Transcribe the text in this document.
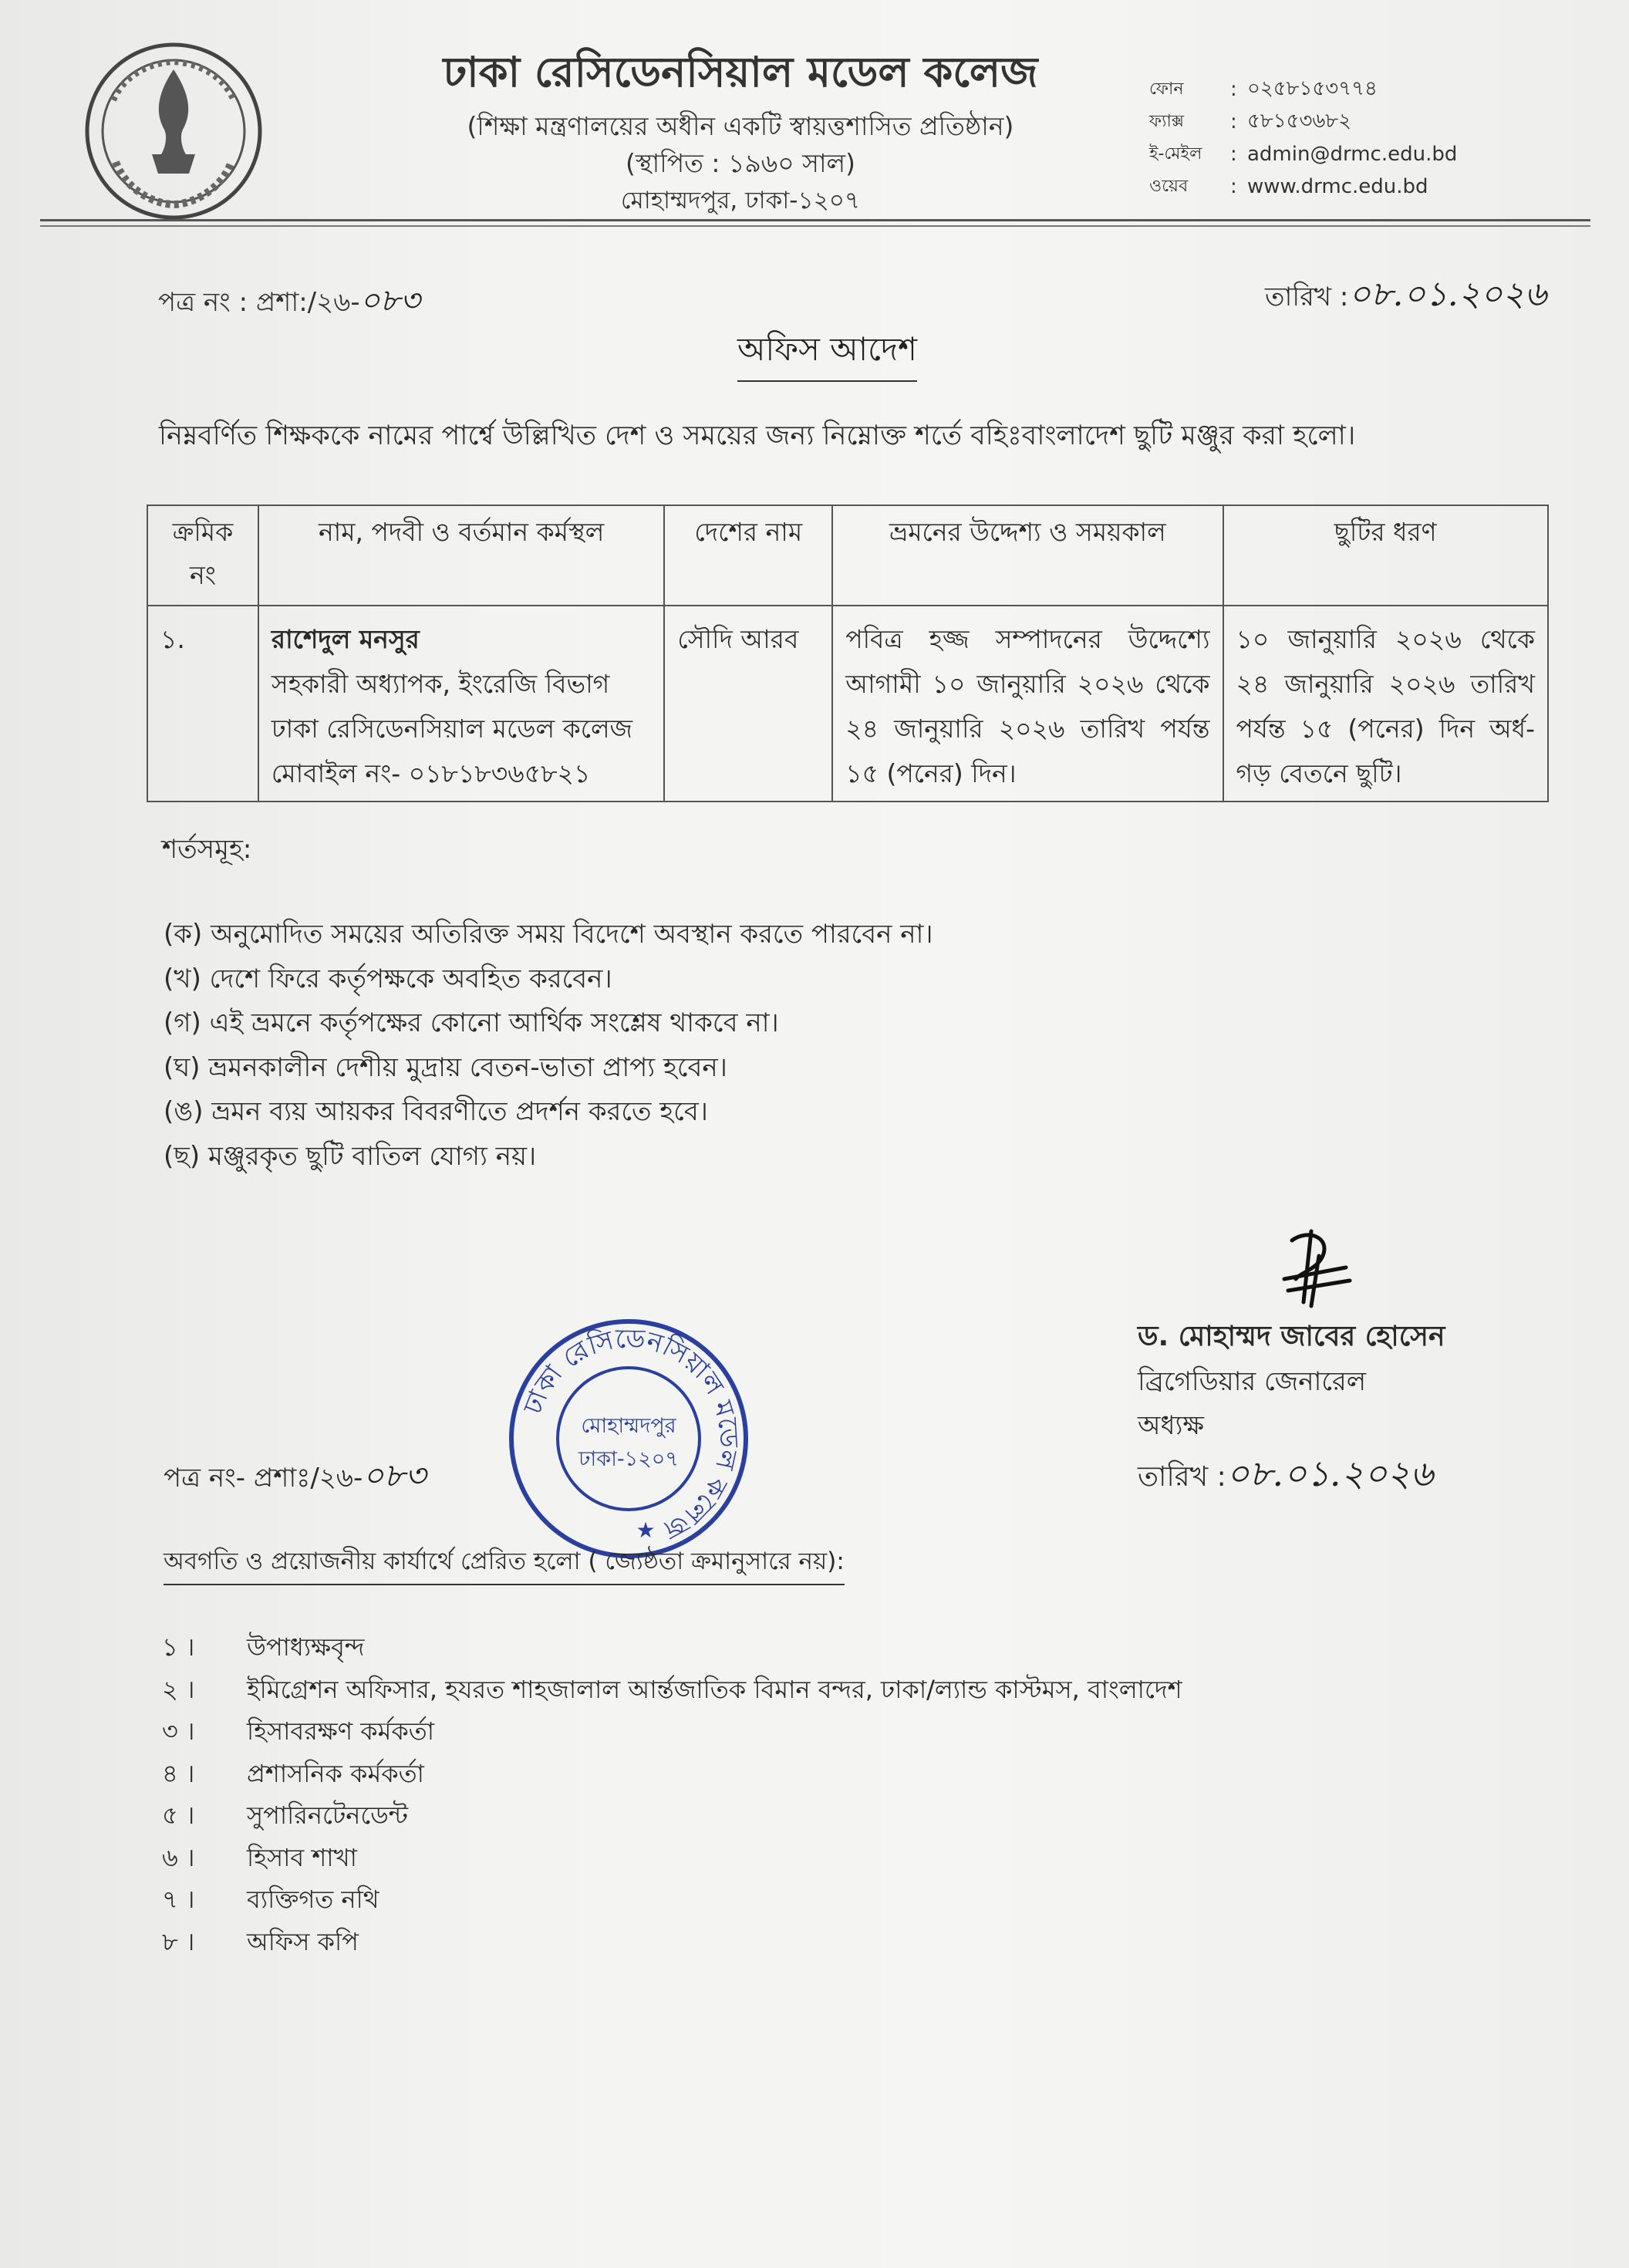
ঢাকা রেসিডেনসিয়াল মডেল কলেজ
(শিক্ষা মন্ত্রণালয়ের অধীন একটি স্বায়ত্তশাসিত প্রতিষ্ঠান)
(স্থাপিত : ১৯৬০ সাল)
মোহাম্মদপুর, ঢাকা-১২০৭
ফোন	: ০২৫৮১৫৩৭৭৪
ফ্যাক্স	: ৫৮১৫৩৬৮২
ই-মেইল	: admin@drmc.edu.bd
ওয়েব	: www.drmc.edu.bd
পত্র নং : প্রশা:/২৬-০৮৩	তারিখ :০৮.০১.২০২৬
অফিস আদেশ
নিম্নবর্ণিত শিক্ষককে নামের পার্শ্বে উল্লিখিত দেশ ও সময়ের জন্য নিম্নোক্ত শর্তে বহিঃবাংলাদেশ ছুটি মঞ্জুর করা হলো।
ক্রমিক নং	নাম, পদবী ও বর্তমান কর্মস্থল	দেশের নাম	ভ্রমনের উদ্দেশ্য ও সময়কাল	ছুটির ধরণ
১.	রাশেদুল মনসুর
সহকারী অধ্যাপক, ইংরেজি বিভাগ
ঢাকা রেসিডেনসিয়াল মডেল কলেজ
মোবাইল নং- ০১৮১৮৩৬৫৮২১	সৌদি আরব	পবিত্র হজ্জ সম্পাদনের উদ্দেশ্যে আগামী ১০ জানুয়ারি ২০২৬ থেকে ২৪ জানুয়ারি ২০২৬ তারিখ পর্যন্ত ১৫ (পনের) দিন।	১০ জানুয়ারি ২০২৬ থেকে ২৪ জানুয়ারি ২০২৬ তারিখ পর্যন্ত ১৫ (পনের) দিন অর্ধ-গড় বেতনে ছুটি।
শর্তসমূহ:
(ক) অনুমোদিত সময়ের অতিরিক্ত সময় বিদেশে অবস্থান করতে পারবেন না।
(খ) দেশে ফিরে কর্তৃপক্ষকে অবহিত করবেন।
(গ) এই ভ্রমনে কর্তৃপক্ষের কোনো আর্থিক সংশ্লেষ থাকবে না।
(ঘ) ভ্রমনকালীন দেশীয় মুদ্রায় বেতন-ভাতা প্রাপ্য হবেন।
(ঙ) ভ্রমন ব্যয় আয়কর বিবরণীতে প্রদর্শন করতে হবে।
(ছ) মঞ্জুরকৃত ছুটি বাতিল যোগ্য নয়।
ড. মোহাম্মদ জাবের হোসেন
ব্রিগেডিয়ার জেনারেল
অধ্যক্ষ
তারিখ :০৮.০১.২০২৬
ঢাকা রেসিডেনসিয়াল মডেল কলেজ
মোহাম্মদপুর
ঢাকা-১২০৭
★
পত্র নং- প্রশাঃ/২৬-০৮৩
অবগতি ও প্রয়োজনীয় কার্যার্থে প্রেরিত হলো ( জ্যেষ্ঠতা ক্রমানুসারে নয়):
১ ।	উপাধ্যক্ষবৃন্দ
২ ।	ইমিগ্রেশন অফিসার, হযরত শাহজালাল আর্ন্তজাতিক বিমান বন্দর, ঢাকা/ল্যান্ড কাস্টমস, বাংলাদেশ
৩ ।	হিসাবরক্ষণ কর্মকর্তা
৪ ।	প্রশাসনিক কর্মকর্তা
৫ ।	সুপারিনটেনডেন্ট
৬ ।	হিসাব শাখা
৭ ।	ব্যক্তিগত নথি
৮ ।	অফিস কপি
